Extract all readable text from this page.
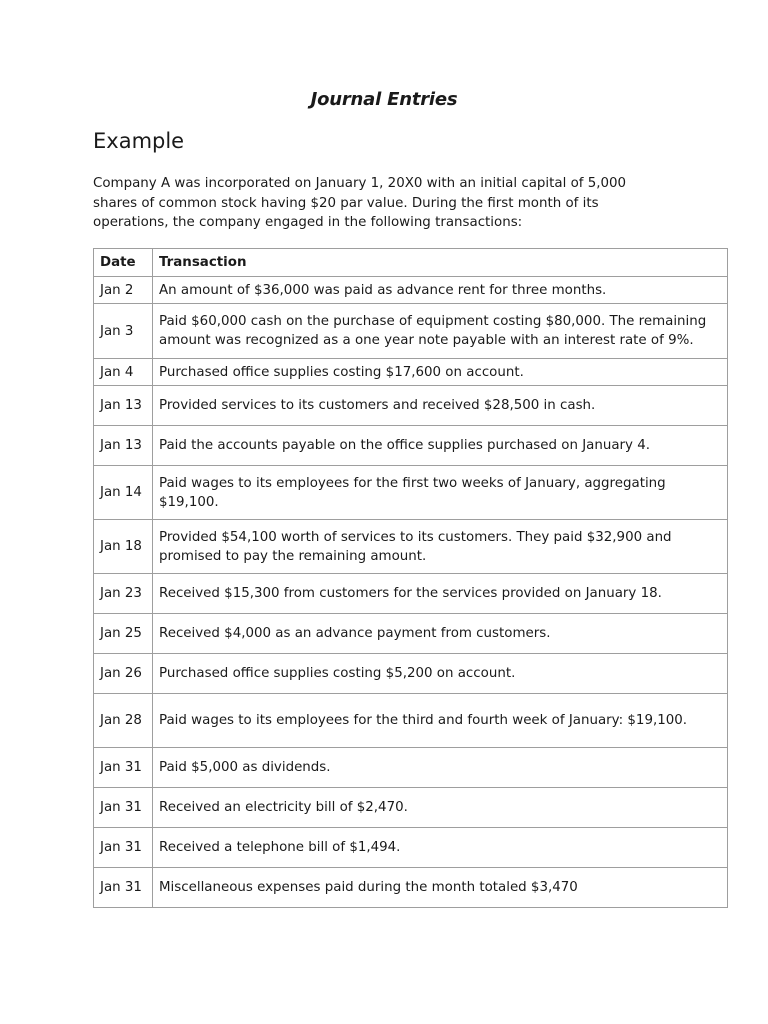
Journal Entries
Example

Company A was incorporated on January 1, 20X0 with an initial capital of 5,000
shares of common stock having $20 par value. During the first month of its
operations, the company engaged in the following transactions:

Date	Transaction
Jan 2	An amount of $36,000 was paid as advance rent for three months.
Jan 3	Paid $60,000 cash on the purchase of equipment costing $80,000. The remaining amount was recognized as a one year note payable with an interest rate of 9%.
Jan 4	Purchased office supplies costing $17,600 on account.
Jan 13	Provided services to its customers and received $28,500 in cash.
Jan 13	Paid the accounts payable on the office supplies purchased on January 4.
Jan 14	Paid wages to its employees for the first two weeks of January, aggregating $19,100.
Jan 18	Provided $54,100 worth of services to its customers. They paid $32,900 and promised to pay the remaining amount.
Jan 23	Received $15,300 from customers for the services provided on January 18.
Jan 25	Received $4,000 as an advance payment from customers.
Jan 26	Purchased office supplies costing $5,200 on account.
Jan 28	Paid wages to its employees for the third and fourth week of January: $19,100.
Jan 31	Paid $5,000 as dividends.
Jan 31	Received an electricity bill of $2,470.
Jan 31	Received a telephone bill of $1,494.
Jan 31	Miscellaneous expenses paid during the month totaled $3,470
